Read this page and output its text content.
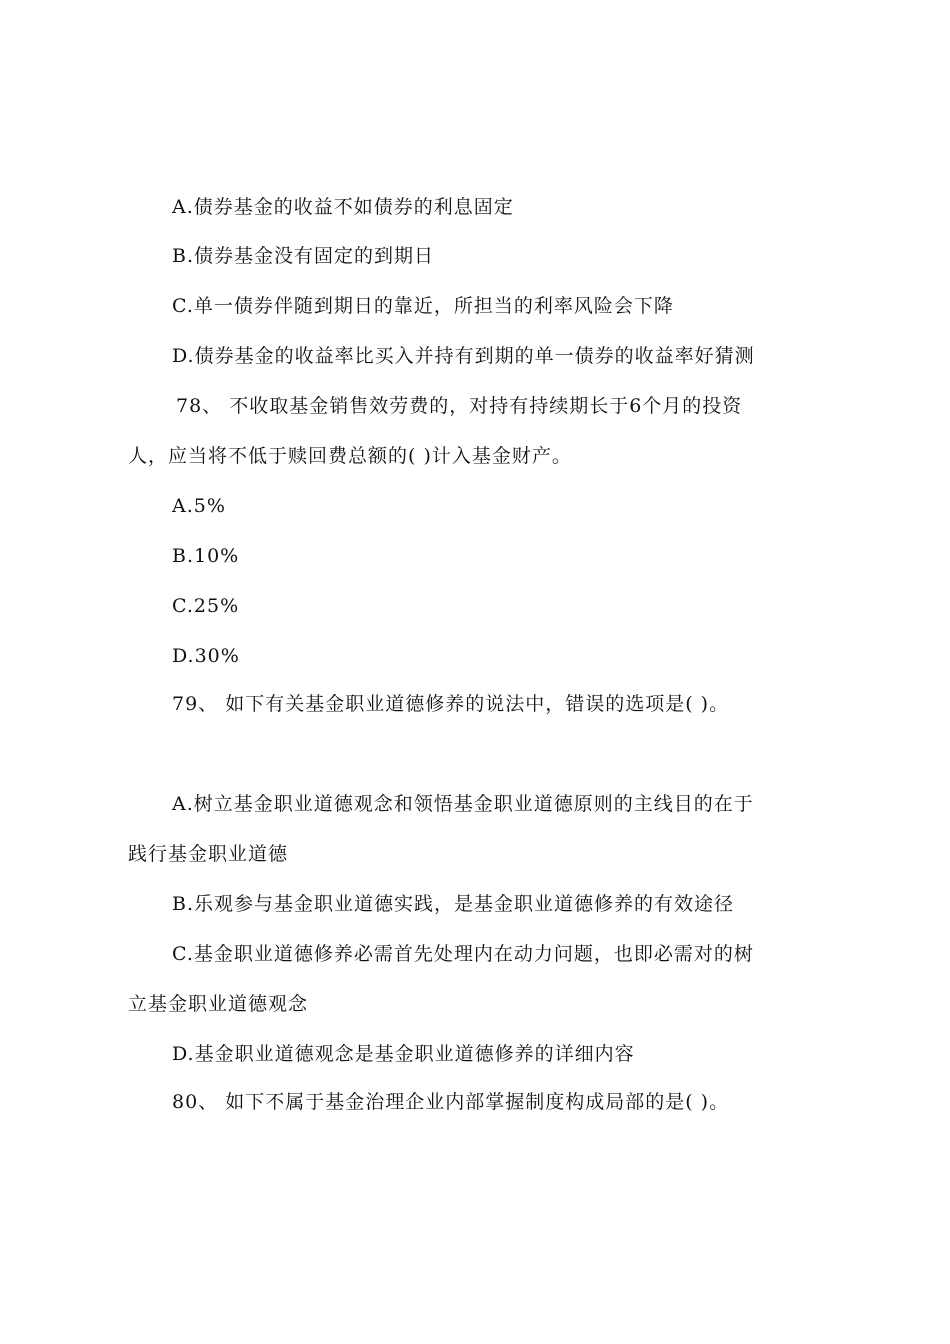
A.债券基金的收益不如债券的利息固定
B.债券基金没有固定的到期日
C.单一债券伴随到期日的靠近，所担当的利率风险会下降
D.债券基金的收益率比买入并持有到期的单一债券的收益率好猜测
78、 不收取基金销售效劳费的，对持有持续期长于6个月的投资
人，应当将不低于赎回费总额的( )计入基金财产。
A.5%
B.10%
C.25%
D.30%
79、 如下有关基金职业道德修养的说法中，错误的选项是( )。
A.树立基金职业道德观念和领悟基金职业道德原则的主线目的在于
践行基金职业道德
B.乐观参与基金职业道德实践，是基金职业道德修养的有效途径
C.基金职业道德修养必需首先处理内在动力问题，也即必需对的树
立基金职业道德观念
D.基金职业道德观念是基金职业道德修养的详细内容
80、 如下不属于基金治理企业内部掌握制度构成局部的是( )。
